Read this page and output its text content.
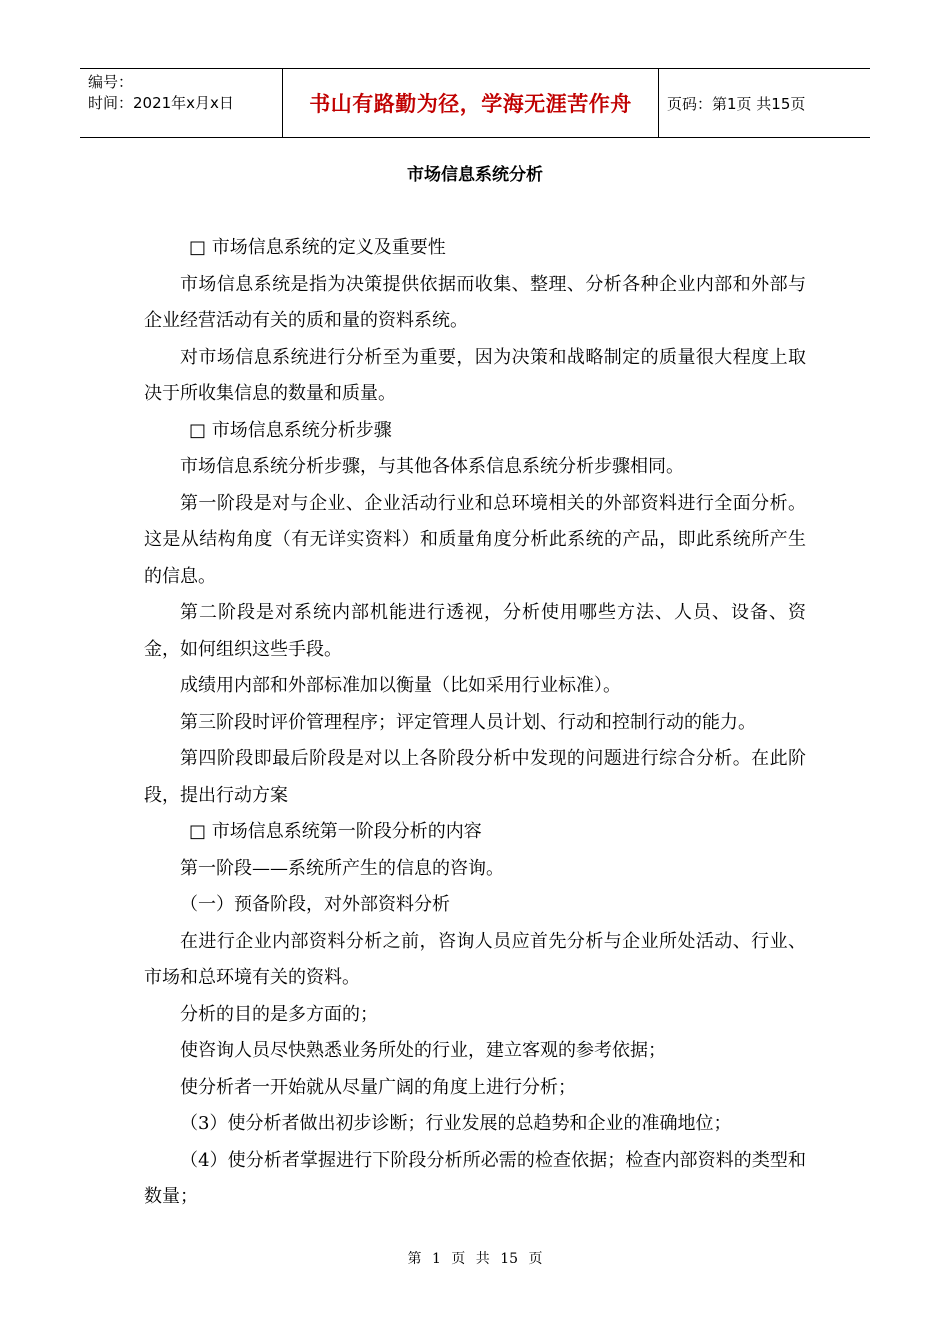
编号：
时间：2021年x月x日	书山有路勤为径，学海无涯苦作舟	页码：第1页 共15页
市场信息系统分析

□ 市场信息系统的定义及重要性

市场信息系统是指为决策提供依据而收集、整理、分析各种企业内部和外部与企业经营活动有关的质和量的资料系统。

对市场信息系统进行分析至为重要，因为决策和战略制定的质量很大程度上取决于所收集信息的数量和质量。

□ 市场信息系统分析步骤

市场信息系统分析步骤，与其他各体系信息系统分析步骤相同。

第一阶段是对与企业、企业活动行业和总环境相关的外部资料进行全面分析。这是从结构角度（有无详实资料）和质量角度分析此系统的产品，即此系统所产生的信息。

第二阶段是对系统内部机能进行透视，分析使用哪些方法、人员、设备、资金，如何组织这些手段。

成绩用内部和外部标准加以衡量（比如采用行业标准）。

第三阶段时评价管理程序；评定管理人员计划、行动和控制行动的能力。

第四阶段即最后阶段是对以上各阶段分析中发现的问题进行综合分析。在此阶段，提出行动方案

□ 市场信息系统第一阶段分析的内容

第一阶段——系统所产生的信息的咨询。

（一）预备阶段，对外部资料分析

在进行企业内部资料分析之前，咨询人员应首先分析与企业所处活动、行业、市场和总环境有关的资料。

分析的目的是多方面的；

使咨询人员尽快熟悉业务所处的行业，建立客观的参考依据；

使分析者一开始就从尽量广阔的角度上进行分析；

（3）使分析者做出初步诊断；行业发展的总趋势和企业的准确地位；

（4）使分析者掌握进行下阶段分析所必需的检查依据；检查内部资料的类型和数量；

第 1 页 共 15 页
